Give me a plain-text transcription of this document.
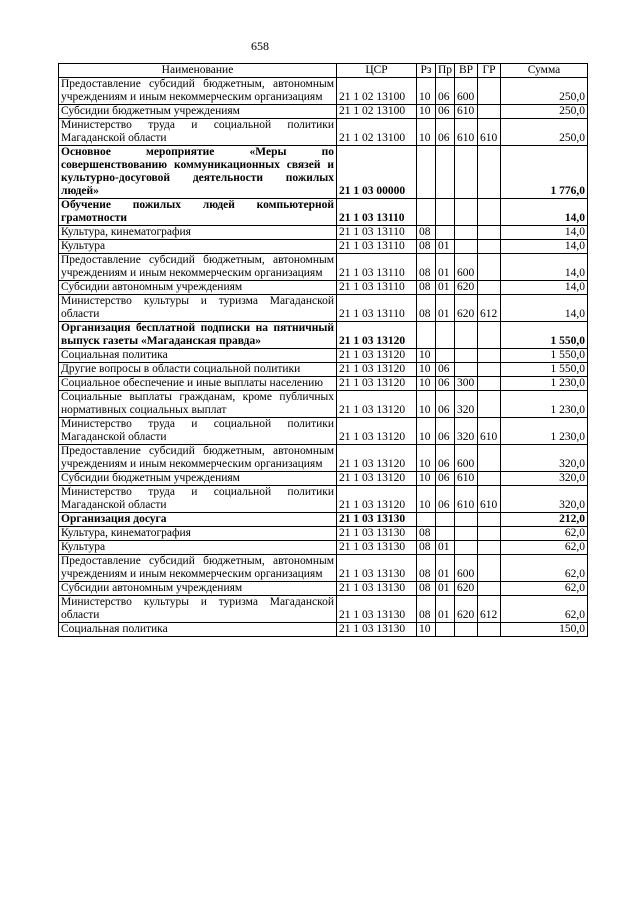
658
Наименование	ЦСР	Рз	Пр	ВР	ГР	Сумма
Предоставление субсидий бюджетным, автономным учреждениям и иным некоммерческим организациям	21 1 02 13100	10	06	600		250,0
Субсидии бюджетным учреждениям	21 1 02 13100	10	06	610		250,0
Министерство труда и социальной политики Магаданской области	21 1 02 13100	10	06	610	610	250,0
Основное мероприятие «Меры по совершенствованию коммуникационных связей и культурно-досуговой деятельности пожилых людей»	21 1 03 00000					1 776,0
Обучение пожилых людей компьютерной грамотности	21 1 03 13110					14,0
Культура, кинематография	21 1 03 13110	08				14,0
Культура	21 1 03 13110	08	01			14,0
Предоставление субсидий бюджетным, автономным учреждениям и иным некоммерческим организациям	21 1 03 13110	08	01	600		14,0
Субсидии автономным учреждениям	21 1 03 13110	08	01	620		14,0
Министерство культуры и туризма Магаданской области	21 1 03 13110	08	01	620	612	14,0
Организация бесплатной подписки на пятничный выпуск газеты «Магаданская правда»	21 1 03 13120					1 550,0
Социальная политика	21 1 03 13120	10				1 550,0
Другие вопросы в области социальной политики	21 1 03 13120	10	06			1 550,0
Социальное обеспечение и иные выплаты населению	21 1 03 13120	10	06	300		1 230,0
Социальные выплаты гражданам, кроме публичных нормативных социальных выплат	21 1 03 13120	10	06	320		1 230,0
Министерство труда и социальной политики Магаданской области	21 1 03 13120	10	06	320	610	1 230,0
Предоставление субсидий бюджетным, автономным учреждениям и иным некоммерческим организациям	21 1 03 13120	10	06	600		320,0
Субсидии бюджетным учреждениям	21 1 03 13120	10	06	610		320,0
Министерство труда и социальной политики Магаданской области	21 1 03 13120	10	06	610	610	320,0
Организация досуга	21 1 03 13130					212,0
Культура, кинематография	21 1 03 13130	08				62,0
Культура	21 1 03 13130	08	01			62,0
Предоставление субсидий бюджетным, автономным учреждениям и иным некоммерческим организациям	21 1 03 13130	08	01	600		62,0
Субсидии автономным учреждениям	21 1 03 13130	08	01	620		62,0
Министерство культуры и туризма Магаданской области	21 1 03 13130	08	01	620	612	62,0
Социальная политика	21 1 03 13130	10				150,0
